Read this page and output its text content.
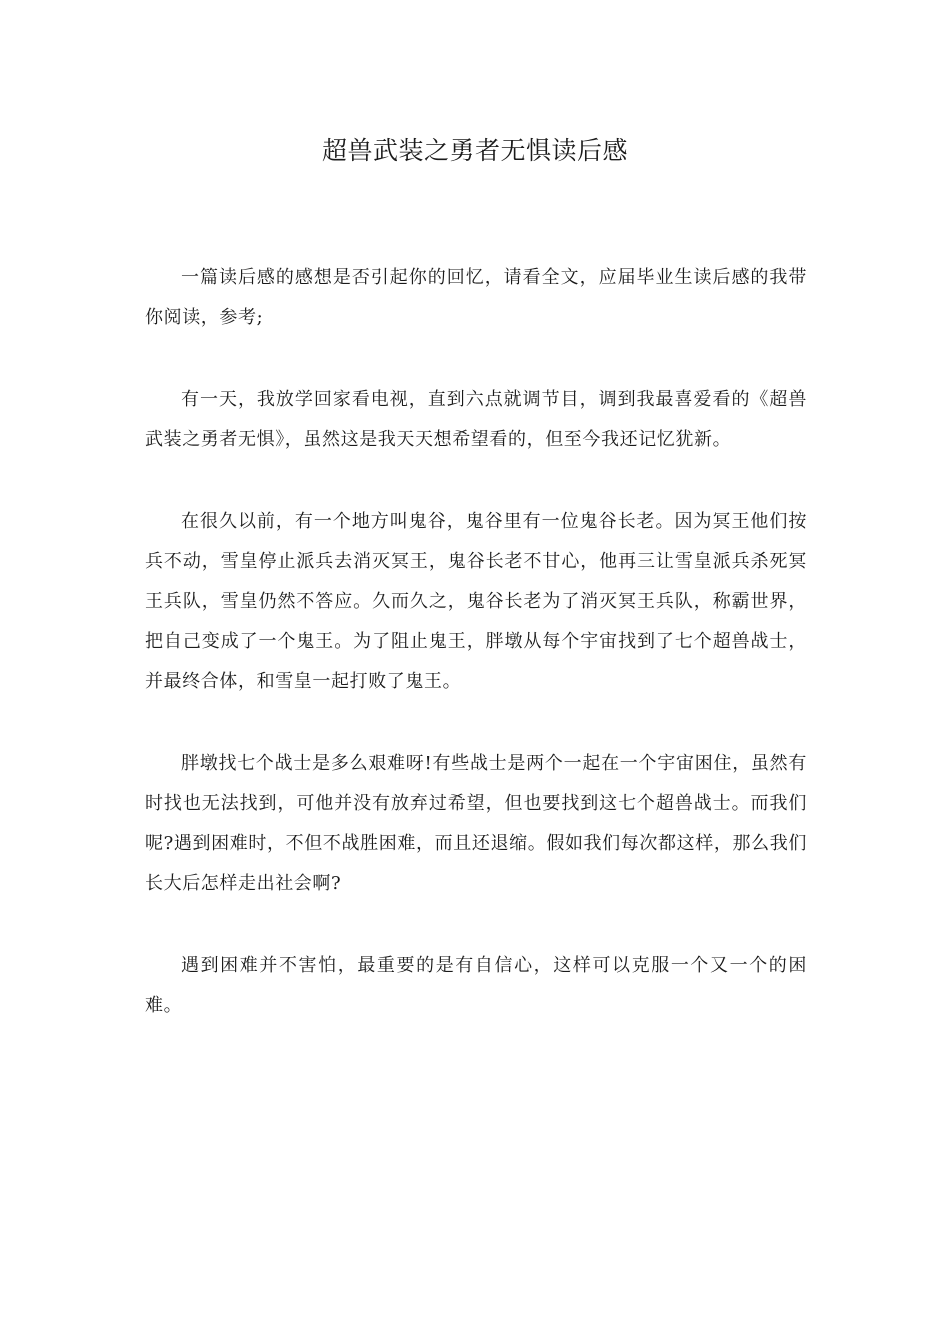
超兽武装之勇者无惧读后感

一篇读后感的感想是否引起你的回忆，请看全文，应届毕业生读后感的我带你阅读，参考;

有一天，我放学回家看电视，直到六点就调节目，调到我最喜爱看的《超兽武装之勇者无惧》，虽然这是我天天想希望看的，但至今我还记忆犹新。

在很久以前，有一个地方叫鬼谷，鬼谷里有一位鬼谷长老。因为冥王他们按兵不动，雪皇停止派兵去消灭冥王，鬼谷长老不甘心，他再三让雪皇派兵杀死冥王兵队，雪皇仍然不答应。久而久之，鬼谷长老为了消灭冥王兵队，称霸世界，把自己变成了一个鬼王。为了阻止鬼王，胖墩从每个宇宙找到了七个超兽战士，并最终合体，和雪皇一起打败了鬼王。

胖墩找七个战士是多么艰难呀!有些战士是两个一起在一个宇宙困住，虽然有时找也无法找到，可他并没有放弃过希望，但也要找到这七个超兽战士。而我们呢?遇到困难时，不但不战胜困难，而且还退缩。假如我们每次都这样，那么我们长大后怎样走出社会啊?

遇到困难并不害怕，最重要的是有自信心，这样可以克服一个又一个的困难。
